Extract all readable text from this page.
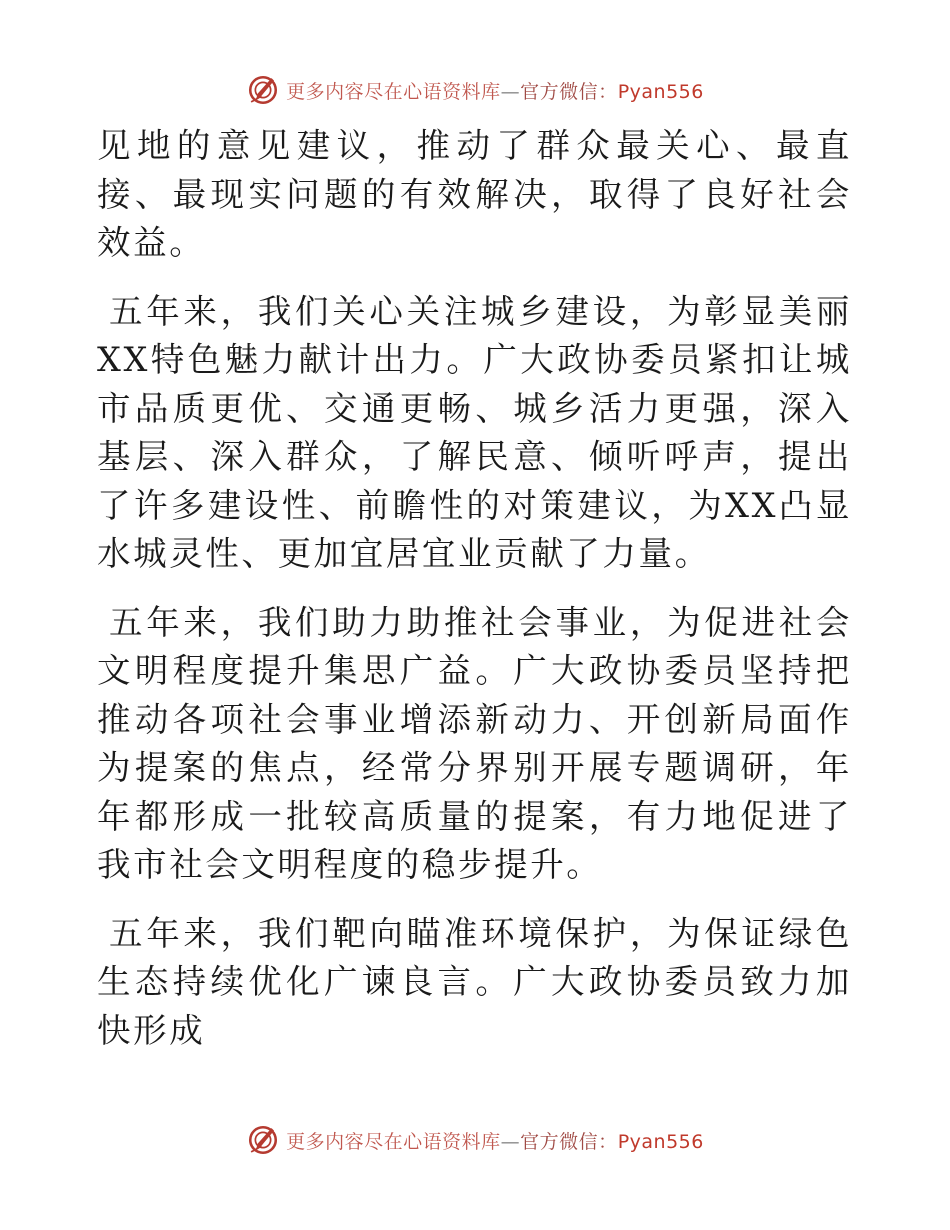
更多内容尽在心语资料库—官方微信：Pyan556

见地的意见建议，推动了群众最关心、最直接、最现实问题的有效解决，取得了良好社会效益。

五年来，我们关心关注城乡建设，为彰显美丽XX特色魅力献计出力。广大政协委员紧扣让城市品质更优、交通更畅、城乡活力更强，深入基层、深入群众，了解民意、倾听呼声，提出了许多建设性、前瞻性的对策建议，为XX凸显水城灵性、更加宜居宜业贡献了力量。

五年来，我们助力助推社会事业，为促进社会文明程度提升集思广益。广大政协委员坚持把推动各项社会事业增添新动力、开创新局面作为提案的焦点，经常分界别开展专题调研，年年都形成一批较高质量的提案，有力地促进了我市社会文明程度的稳步提升。

五年来，我们靶向瞄准环境保护，为保证绿色生态持续优化广谏良言。广大政协委员致力加快形成

更多内容尽在心语资料库—官方微信：Pyan556
